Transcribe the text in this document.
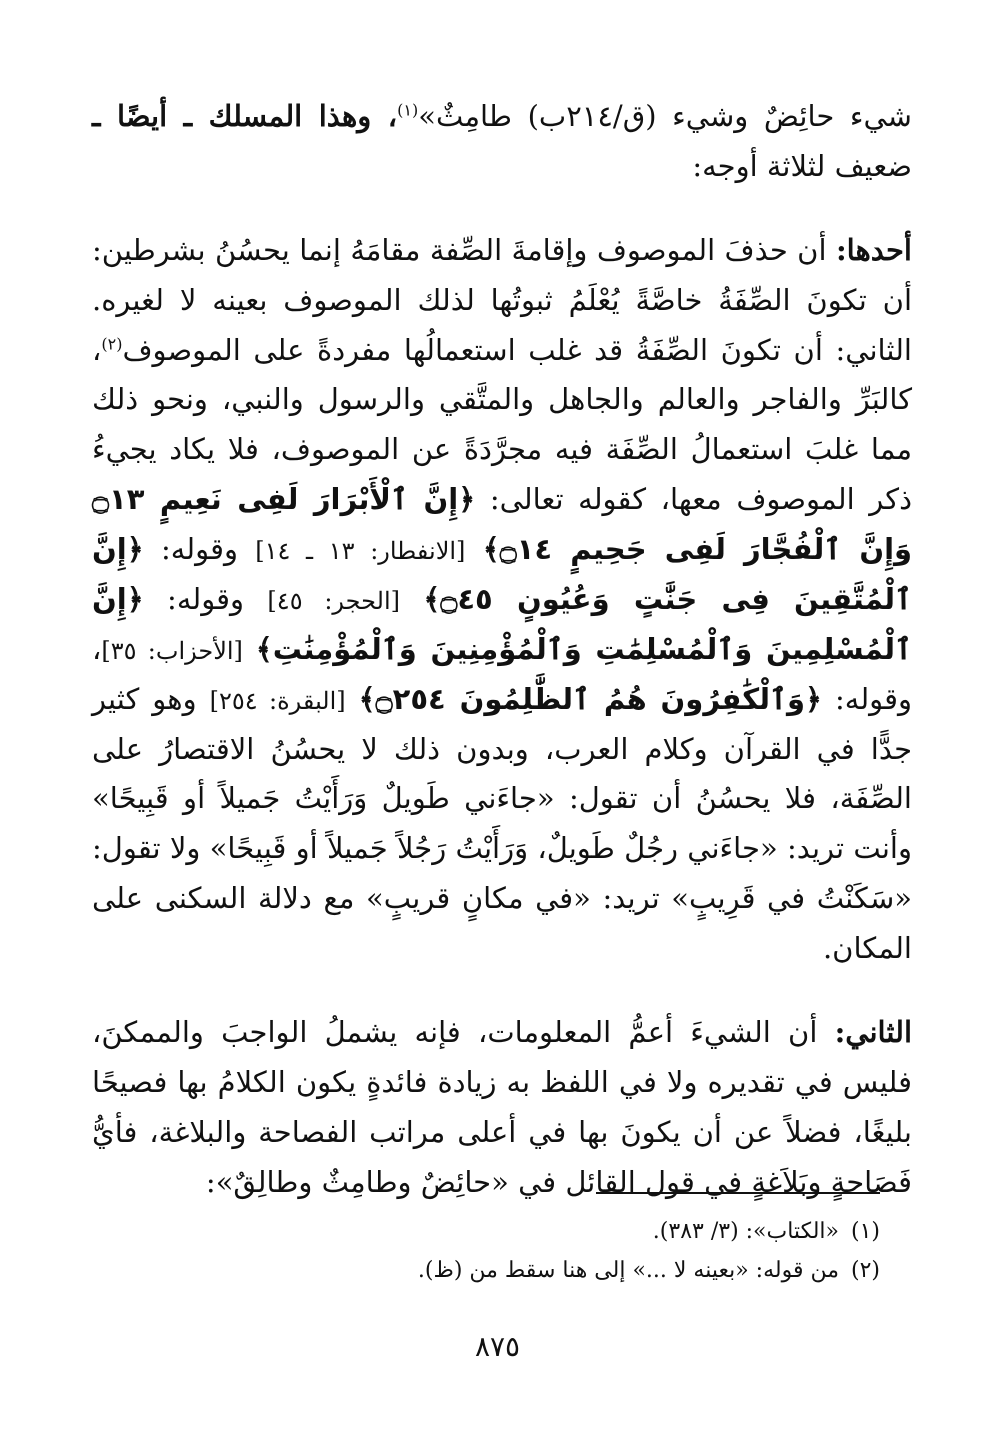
شيء حائِضٌ وشيء (ق/٢١٤ب) طامِثٌ»$^{(١)}$، وهذا المسلك ـ أيضًا ـ ضعيف لثلاثة أوجه:

أحدها: أن حذفَ الموصوف وإقامةَ الصِّفة مقامَهُ إنما يحسُنُ بشرطين: أن تكونَ الصِّفَةُ خاصَّةً يُعْلَمُ ثبوتُها لذلك الموصوف بعينه لا لغيره. الثاني: أن تكونَ الصِّفَةُ قد غلب استعمالُها مفردةً على الموصوف$^{(٢)}$، كالبَرِّ والفاجر والعالم والجاهل والمتَّقي والرسول والنبي، ونحو ذلك مما غلبَ استعمالُ الصِّفَة فيه مجرَّدَةً عن الموصوف، فلا يكاد يجيءُ ذكر الموصوف معها، كقوله تعالى: ﴿إِنَّ ٱلْأَبْرَارَ لَفِى نَعِيمٍ ۝١٣ وَإِنَّ ٱلْفُجَّارَ لَفِى جَحِيمٍ ۝١٤﴾ [الانفطار: ١٣ ـ ١٤] وقوله: ﴿إِنَّ ٱلْمُتَّقِينَ فِى جَنَّٰتٍ وَعُيُونٍ ۝٤٥﴾ [الحجر: ٤٥] وقوله: ﴿إِنَّ ٱلْمُسْلِمِينَ وَٱلْمُسْلِمَٰتِ وَٱلْمُؤْمِنِينَ وَٱلْمُؤْمِنَٰتِ﴾ [الأحزاب: ٣٥]، وقوله: ﴿وَٱلْكَٰفِرُونَ هُمُ ٱلظَّٰلِمُونَ ۝٢٥٤﴾ [البقرة: ٢٥٤] وهو كثير جدًّا في القرآن وكلام العرب، وبدون ذلك لا يحسُنُ الاقتصارُ على الصِّفَة، فلا يحسُنُ أن تقول: «جاءَني طَويلٌ وَرَأَيْتُ جَميلاً أو قَبِيحًا» وأنت تريد: «جاءَني رجُلٌ طَويلٌ، وَرَأَيْتُ رَجُلاً جَميلاً أو قَبِيحًا» ولا تقول: «سَكَنْتُ في قَرِيبٍ» تريد: «في مكانٍ قريبٍ» مع دلالة السكنى على المكان.

الثاني: أن الشيءَ أعمُّ المعلومات، فإنه يشملُ الواجبَ والممكنَ، فليس في تقديره ولا في اللفظ به زيادة فائدةٍ يكون الكلامُ بها فصيحًا بليغًا، فضلاً عن أن يكونَ بها في أعلى مراتب الفصاحة والبلاغة، فأيُّ فَصَاحةٍ وبَلاَغةٍ في قول القائل في «حائِضٌ وطامِثٌ وطالِقٌ»:

(١) «الكتاب»: (٣/ ٣٨٣).

(٢) من قوله: «بعينه لا ...» إلى هنا سقط من (ظ).

٨٧٥
